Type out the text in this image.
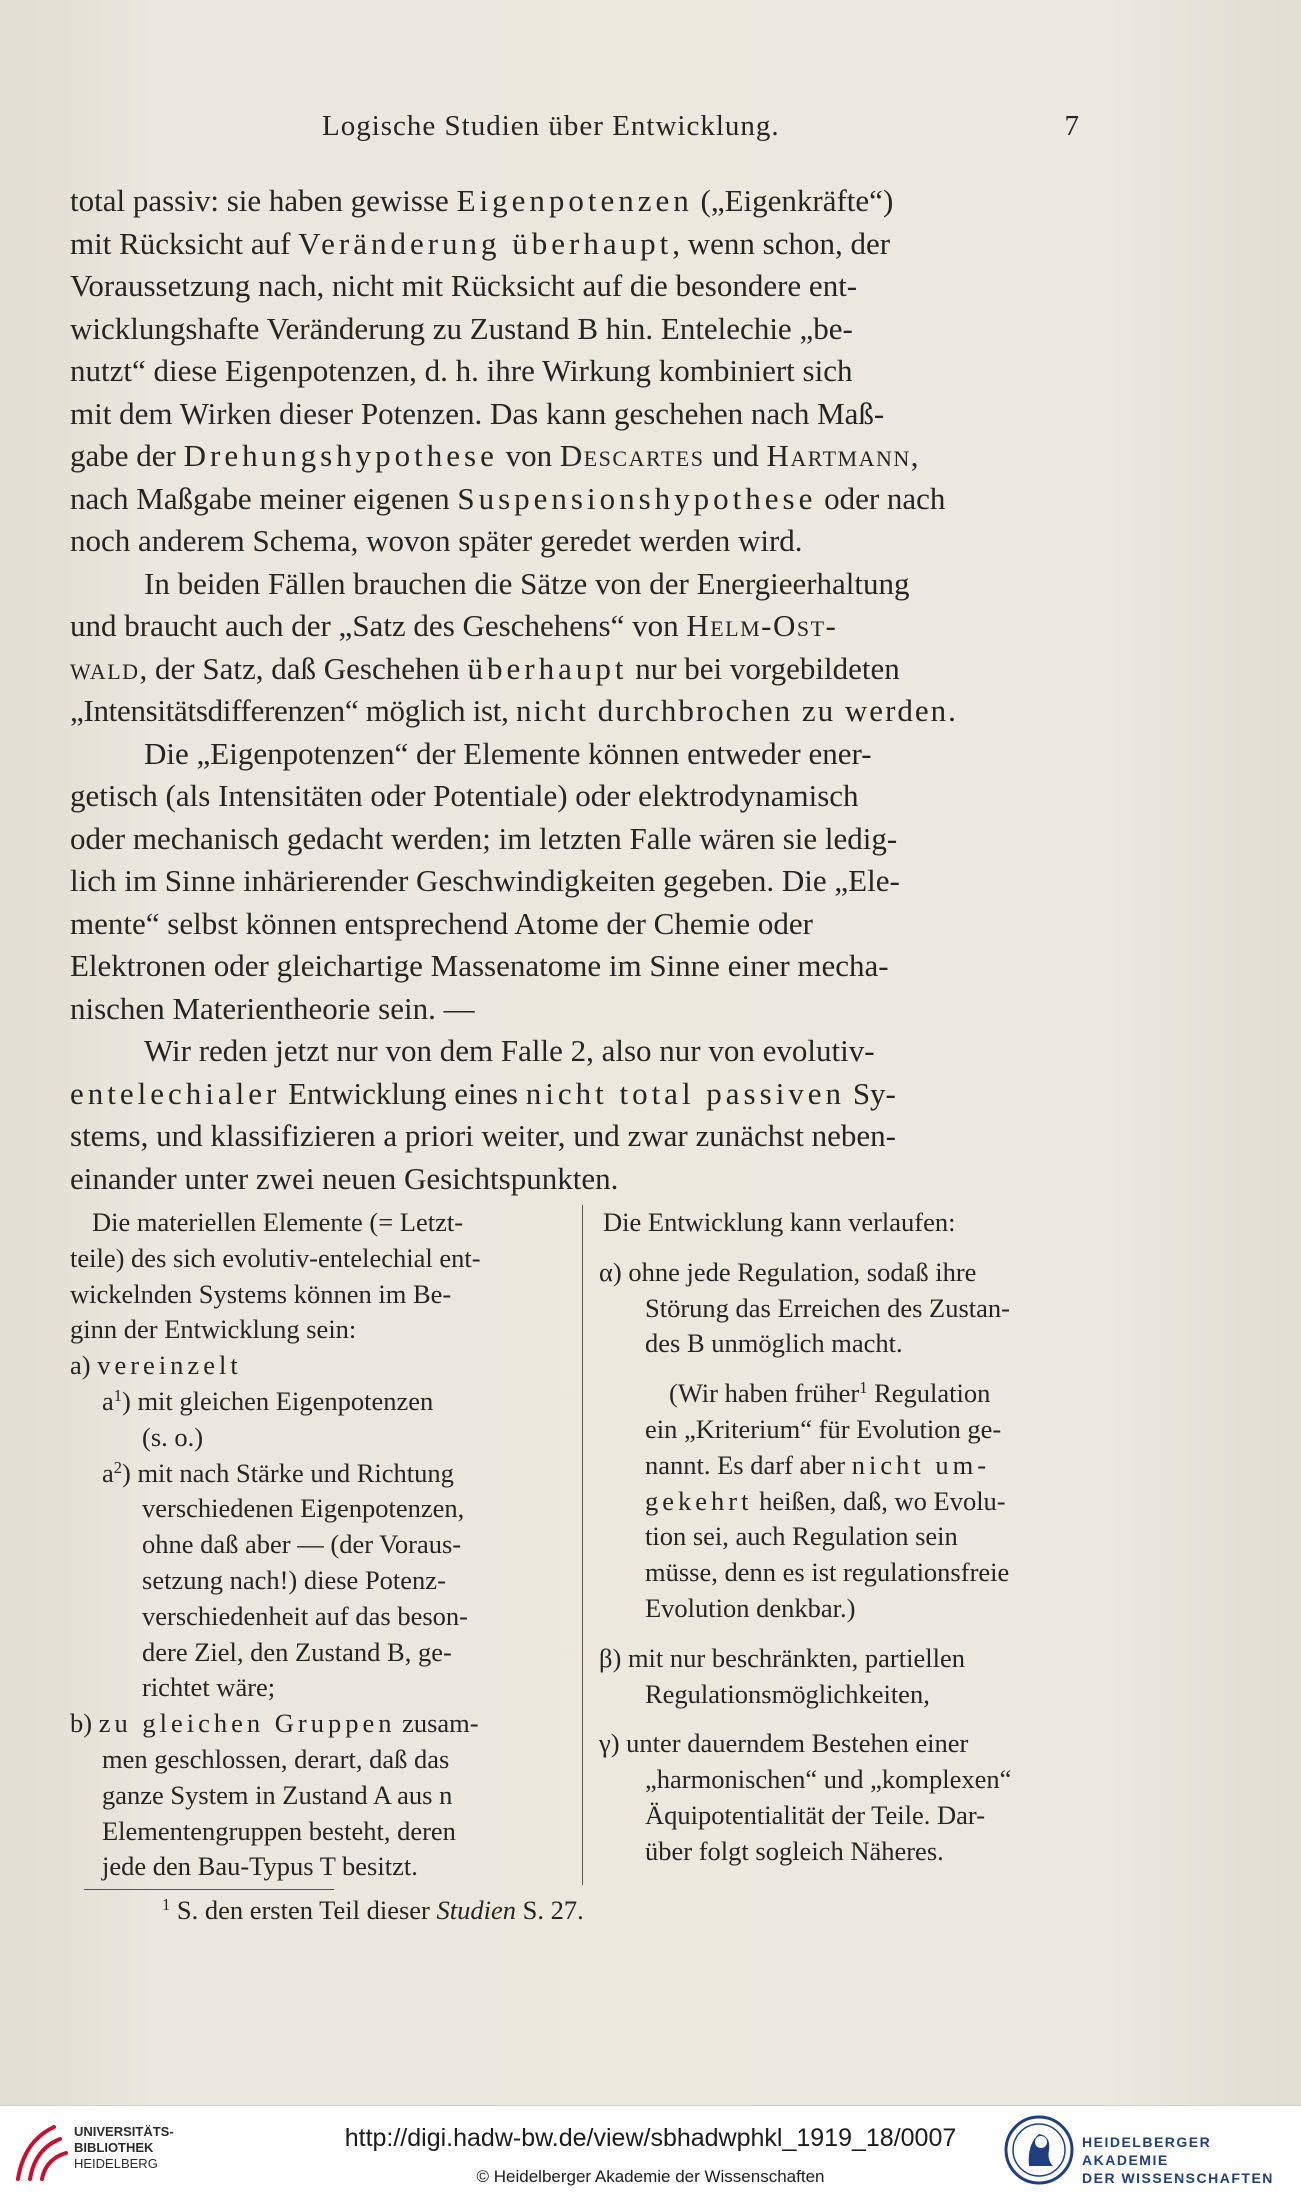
Logische Studien über Entwicklung.	7

total passiv: sie haben gewisse Eigenpotenzen („Eigenkräfte“)
mit Rücksicht auf Veränderung überhaupt, wenn schon, der
Voraussetzung nach, nicht mit Rücksicht auf die besondere ent-
wicklungshafte Veränderung zu Zustand B hin. Entelechie „be-
nutzt“ diese Eigenpotenzen, d. h. ihre Wirkung kombiniert sich
mit dem Wirken dieser Potenzen. Das kann geschehen nach Maß-
gabe der Drehungshypothese von Descartes und Hartmann,
nach Maßgabe meiner eigenen Suspensionshypothese oder nach
noch anderem Schema, wovon später geredet werden wird.

In beiden Fällen brauchen die Sätze von der Energieerhaltung
und braucht auch der „Satz des Geschehens“ von Helm-Ost-
wald, der Satz, daß Geschehen überhaupt nur bei vorgebildeten
„Intensitätsdifferenzen“ möglich ist, nicht durchbrochen zu werden.

Die „Eigenpotenzen“ der Elemente können entweder ener-
getisch (als Intensitäten oder Potentiale) oder elektrodynamisch
oder mechanisch gedacht werden; im letzten Falle wären sie ledig-
lich im Sinne inhärierender Geschwindigkeiten gegeben. Die „Ele-
mente“ selbst können entsprechend Atome der Chemie oder
Elektronen oder gleichartige Massenatome im Sinne einer mecha-
nischen Materientheorie sein. —

Wir reden jetzt nur von dem Falle 2, also nur von evolutiv-
entelechialer Entwicklung eines nicht total passiven Sy-
stems, und klassifizieren a priori weiter, und zwar zunächst neben-
einander unter zwei neuen Gesichtspunkten.

Die materiellen Elemente (= Letzt-
teile) des sich evolutiv-entelechial ent-
wickelnden Systems können im Be-
ginn der Entwicklung sein:
a) vereinzelt
$a^1$) mit gleichen Eigenpotenzen
(s. o.)
$a^2$) mit nach Stärke und Richtung
verschiedenen Eigenpotenzen,
ohne daß aber — (der Voraus-
setzung nach!) diese Potenz-
verschiedenheit auf das beson-
dere Ziel, den Zustand B, ge-
richtet wäre;
b) zu gleichen Gruppen zusam-
men geschlossen, derart, daß das
ganze System in Zustand A aus n
Elementengruppen besteht, deren
jede den Bau-Typus T besitzt.
Die Entwicklung kann verlaufen:
α) ohne jede Regulation, sodaß ihre
Störung das Erreichen des Zustan-
des B unmöglich macht.
(Wir haben früher$^1$ Regulation
ein „Kriterium“ für Evolution ge-
nannt. Es darf aber nicht um-
gekehrt heißen, daß, wo Evolu-
tion sei, auch Regulation sein
müsse, denn es ist regulationsfreie
Evolution denkbar.)
β) mit nur beschränkten, partiellen
Regulationsmöglichkeiten,
γ) unter dauerndem Bestehen einer
„harmonischen“ und „komplexen“
Äquipotentialität der Teile. Dar-
über folgt sogleich Näheres.
$^1$ S. den ersten Teil dieser Studien S. 27.
UNIVERSITÄTS-
BIBLIOTHEK
HEIDELBERG
http://digi.hadw-bw.de/view/sbhadwphkl_1919_18/0007
© Heidelberger Akademie der Wissenschaften
HEIDELBERGER AKADEMIE
DER WISSENSCHAFTEN
